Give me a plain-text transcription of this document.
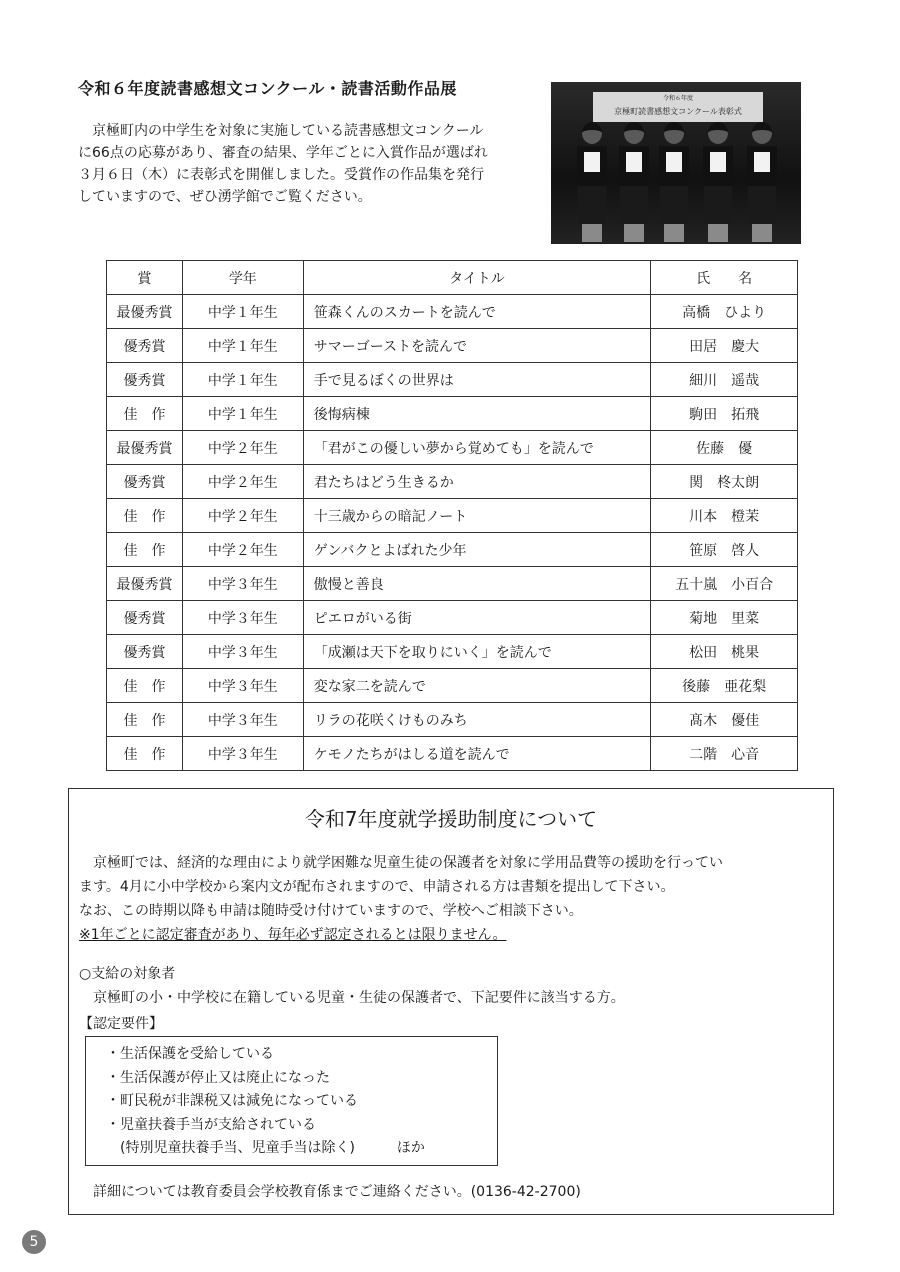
令和６年度読書感想文コンクール・読書活動作品展

　京極町内の中学生を対象に実施している読書感想文コンクール

に66点の応募があり、審査の結果、学年ごとに入賞作品が選ばれ

３月６日（木）に表彰式を開催しました。受賞作の作品集を発行

していますので、ぜひ湧学館でご覧ください。

令和６年度
京極町読書感想文コンクール表彰式
賞	学年	タイトル	氏　　名
最優秀賞	中学１年生	笹森くんのスカートを読んで	高橋　ひより
優秀賞	中学１年生	サマーゴーストを読んで	田居　慶大
優秀賞	中学１年生	手で見るぼくの世界は	細川　遥哉
佳　作	中学１年生	後悔病棟	駒田　拓飛
最優秀賞	中学２年生	「君がこの優しい夢から覚めても」を読んで	佐藤　優
優秀賞	中学２年生	君たちはどう生きるか	関　柊太朗
佳　作	中学２年生	十三歳からの暗記ノート	川本　橙茉
佳　作	中学２年生	ゲンバクとよばれた少年	笹原　啓人
最優秀賞	中学３年生	傲慢と善良	五十嵐　小百合
優秀賞	中学３年生	ピエロがいる街	菊地　里菜
優秀賞	中学３年生	「成瀬は天下を取りにいく」を読んで	松田　桃果
佳　作	中学３年生	変な家二を読んで	後藤　亜花梨
佳　作	中学３年生	リラの花咲くけものみち	髙木　優佳
佳　作	中学３年生	ケモノたちがはしる道を読んで	二階　心音
令和7年度就学援助制度について

　京極町では、経済的な理由により就学困難な児童生徒の保護者を対象に学用品費等の援助を行ってい

ます。4月に小中学校から案内文が配布されますので、申請される方は書類を提出して下さい。

なお、この時期以降も申請は随時受け付けていますので、学校へご相談下さい。

※1年ごとに認定審査があり、毎年必ず認定されるとは限りません。

○支給の対象者
京極町の小・中学校に在籍している児童・生徒の保護者で、下記要件に該当する方。
【認定要件】
・生活保護を受給している
・生活保護が停止又は廃止になった
・町民税が非課税又は減免になっている
・児童扶養手当が支給されている
　(特別児童扶養手当、児童手当は除く)　　　ほか
詳細については教育委員会学校教育係までご連絡ください。(0136-42-2700)
5
